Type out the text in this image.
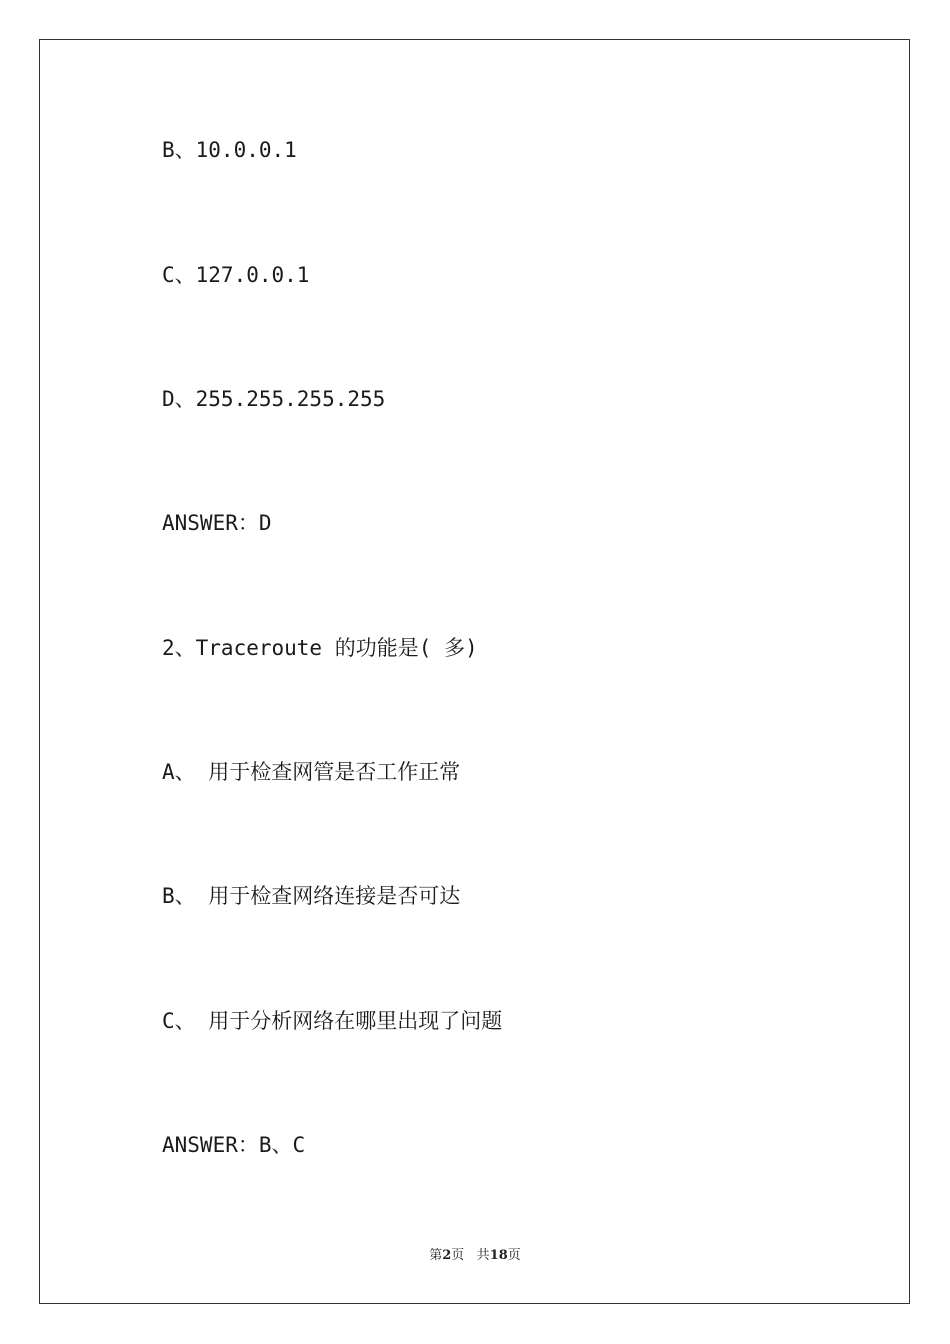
B、10.0.0.1
C、127.0.0.1
D、255.255.255.255
ANSWER：D
2、Traceroute 的功能是( 多)
A、 用于检查网管是否工作正常
B、 用于检查网络连接是否可达
C、 用于分析网络在哪里出现了问题
ANSWER：B、C
第2页 共18页
